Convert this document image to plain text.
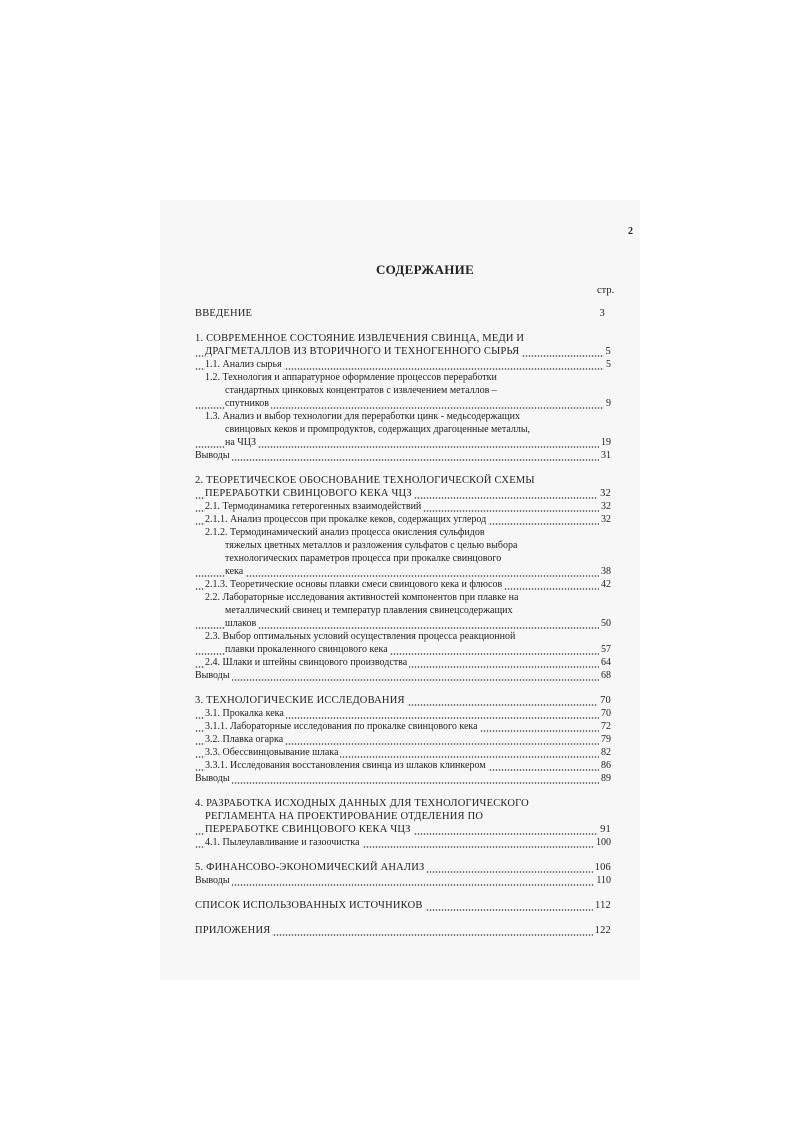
2
СОДЕРЖАНИЕ
стр.
ВВЕДЕНИЕ	3
1. СОВРЕМЕННОЕ СОСТОЯНИЕ ИЗВЛЕЧЕНИЯ СВИНЦА, МЕДИ И
ДРАГМЕТАЛЛОВ ИЗ ВТОРИЧНОГО И ТЕХНОГЕННОГО СЫРЬЯ	5
1.1. Анализ сырья	5
1.2. Технология и аппаратурное оформление процессов переработки
стандартных цинковых концентратов с извлечением металлов –
спутников	9
1.3. Анализ и выбор технологии для переработки цинк - медьсодержащих
свинцовых кеков и промпродуктов, содержащих драгоценные металлы,
на ЧЦЗ	19
Выводы	31
2. ТЕОРЕТИЧЕСКОЕ ОБОСНОВАНИЕ ТЕХНОЛОГИЧЕСКОЙ СХЕМЫ
ПЕРЕРАБОТКИ СВИНЦОВОГО КЕКА ЧЦЗ	32
2.1. Термодинамика гетерогенных взаимодействий	32
2.1.1. Анализ процессов при прокалке кеков, содержащих углерод	32
2.1.2. Термодинамический анализ процесса окисления сульфидов
тяжелых цветных металлов и разложения сульфатов с целью выбора
технологических параметров процесса при прокалке свинцового
кека	38
2.1.3. Теоретические основы плавки смеси свинцового кека и флюсов	42
2.2. Лабораторные исследования активностей компонентов при плавке на
металлический свинец и температур плавления свинецсодержащих
шлаков	50
2.3. Выбор оптимальных условий осуществления процесса реакционной
плавки прокаленного свинцового кека	57
2.4. Шлаки и штейны свинцового производства	64
Выводы	68
3. ТЕХНОЛОГИЧЕСКИЕ ИССЛЕДОВАНИЯ	70
3.1. Прокалка кека	70
3.1.1. Лабораторные исследования по прокалке свинцового кека	72
3.2. Плавка огарка	79
3.3. Обессвинцовывание шлака	82
3.3.1. Исследования восстановления свинца из шлаков клинкером	86
Выводы	89
4. РАЗРАБОТКА ИСХОДНЫХ ДАННЫХ ДЛЯ ТЕХНОЛОГИЧЕСКОГО
РЕГЛАМЕНТА НА ПРОЕКТИРОВАНИЕ ОТДЕЛЕНИЯ ПО
ПЕРЕРАБОТКЕ СВИНЦОВОГО КЕКА ЧЦЗ	91
4.1. Пылеулавливание и газоочистка	100
5. ФИНАНСОВО-ЭКОНОМИЧЕСКИЙ АНАЛИЗ	106
Выводы	110
СПИСОК ИСПОЛЬЗОВАННЫХ ИСТОЧНИКОВ	112
ПРИЛОЖЕНИЯ	122
